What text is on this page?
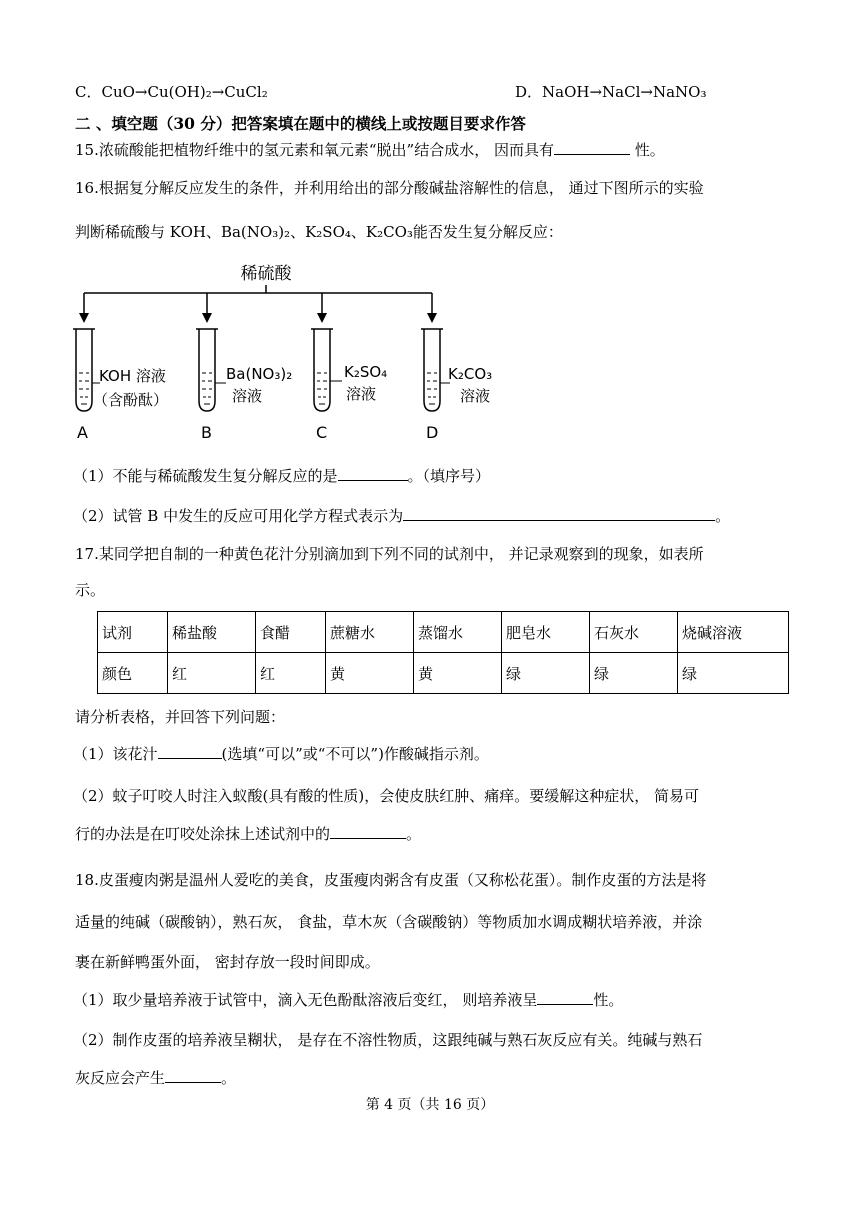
C．CuO→Cu(OH)₂→CuCl₂	D．NaOH→NaCl→NaNO₃
二 、填空题（30 分）把答案填在题中的横线上或按题目要求作答
15.浓硫酸能把植物纤维中的氢元素和氧元素“脱出”结合成水， 因而具有	性。
16.根据复分解反应发生的条件，并利用给出的部分酸碱盐溶解性的信息， 通过下图所示的实验
判断稀硫酸与 KOH、Ba(NO₃)₂、K₂SO₄、K₂CO₃能否发生复分解反应：
稀硫酸
KOH 溶液
（含酚酞）
A
Ba(NO₃)₂
溶液
B
K₂SO₄
溶液
C
K₂CO₃
溶液
D
（1）不能与稀硫酸发生复分解反应的是	。（填序号）
（2）试管 B 中发生的反应可用化学方程式表示为	。
17.某同学把自制的一种黄色花汁分别滴加到下列不同的试剂中， 并记录观察到的现象，如表所
示。
试剂	稀盐酸	食醋	蔗糖水	蒸馏水	肥皂水	石灰水	烧碱溶液
颜色	红	红	黄	黄	绿	绿	绿
请分析表格，并回答下列问题：
（1）该花汁	(选填“可以”或“不可以”)作酸碱指示剂。
（2）蚊子叮咬人时注入蚁酸(具有酸的性质)，会使皮肤红肿、痛痒。要缓解这种症状， 简易可
行的办法是在叮咬处涂抹上述试剂中的	。
18.皮蛋瘦肉粥是温州人爱吃的美食，皮蛋瘦肉粥含有皮蛋（又称松花蛋）。制作皮蛋的方法是将
适量的纯碱（碳酸钠），熟石灰， 食盐，草木灰（含碳酸钠）等物质加水调成糊状培养液，并涂
裹在新鲜鸭蛋外面， 密封存放一段时间即成。
（1）取少量培养液于试管中，滴入无色酚酞溶液后变红， 则培养液呈	性。
（2）制作皮蛋的培养液呈糊状， 是存在不溶性物质，这跟纯碱与熟石灰反应有关。纯碱与熟石
灰反应会产生	。
第 4 页（共 16 页）
